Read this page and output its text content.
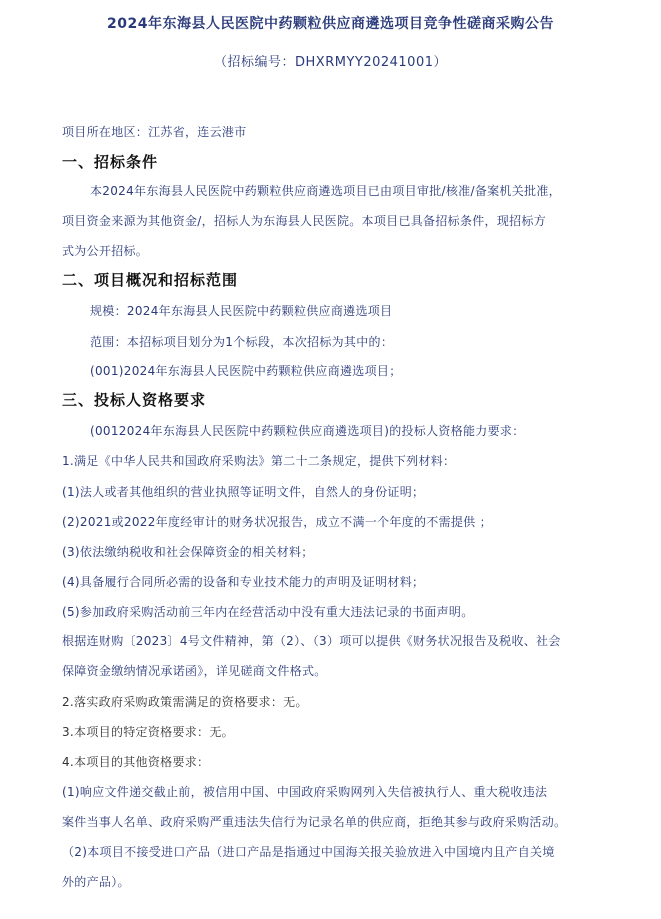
2024年东海县人民医院中药颗粒供应商遴选项目竞争性磋商采购公告

（招标编号：DHXRMYY20241001）

项目所在地区：江苏省，连云港市

一、招标条件

本2024年东海县人民医院中药颗粒供应商遴选项目已由项目审批/核准/备案机关批准，

项目资金来源为其他资金/，招标人为东海县人民医院。本项目已具备招标条件，现招标方

式为公开招标。

二、项目概况和招标范围

规模：2024年东海县人民医院中药颗粒供应商遴选项目

范围：本招标项目划分为1个标段，本次招标为其中的：

(001)2024年东海县人民医院中药颗粒供应商遴选项目；

三、投标人资格要求

(0012024年东海县人民医院中药颗粒供应商遴选项目)的投标人资格能力要求：

1.满足《中华人民共和国政府采购法》第二十二条规定，提供下列材料：

(1)法人或者其他组织的营业执照等证明文件，自然人的身份证明；

(2)2021或2022年度经审计的财务状况报告，成立不满一个年度的不需提供 ；

(3)依法缴纳税收和社会保障资金的相关材料；

(4)具备履行合同所必需的设备和专业技术能力的声明及证明材料；

(5)参加政府采购活动前三年内在经营活动中没有重大违法记录的书面声明。

根据连财购〔2023〕4号文件精神，第（2）、（3）项可以提供《财务状况报告及税收、社会

保障资金缴纳情况承诺函》，详见磋商文件格式。

2.落实政府采购政策需满足的资格要求：无。

3.本项目的特定资格要求：无。

4.本项目的其他资格要求：

(1)响应文件递交截止前，被信用中国、中国政府采购网列入失信被执行人、重大税收违法

案件当事人名单、政府采购严重违法失信行为记录名单的供应商，拒绝其参与政府采购活动。

（2)本项目不接受进口产品（进口产品是指通过中国海关报关验放进入中国境内且产自关境

外的产品）。
